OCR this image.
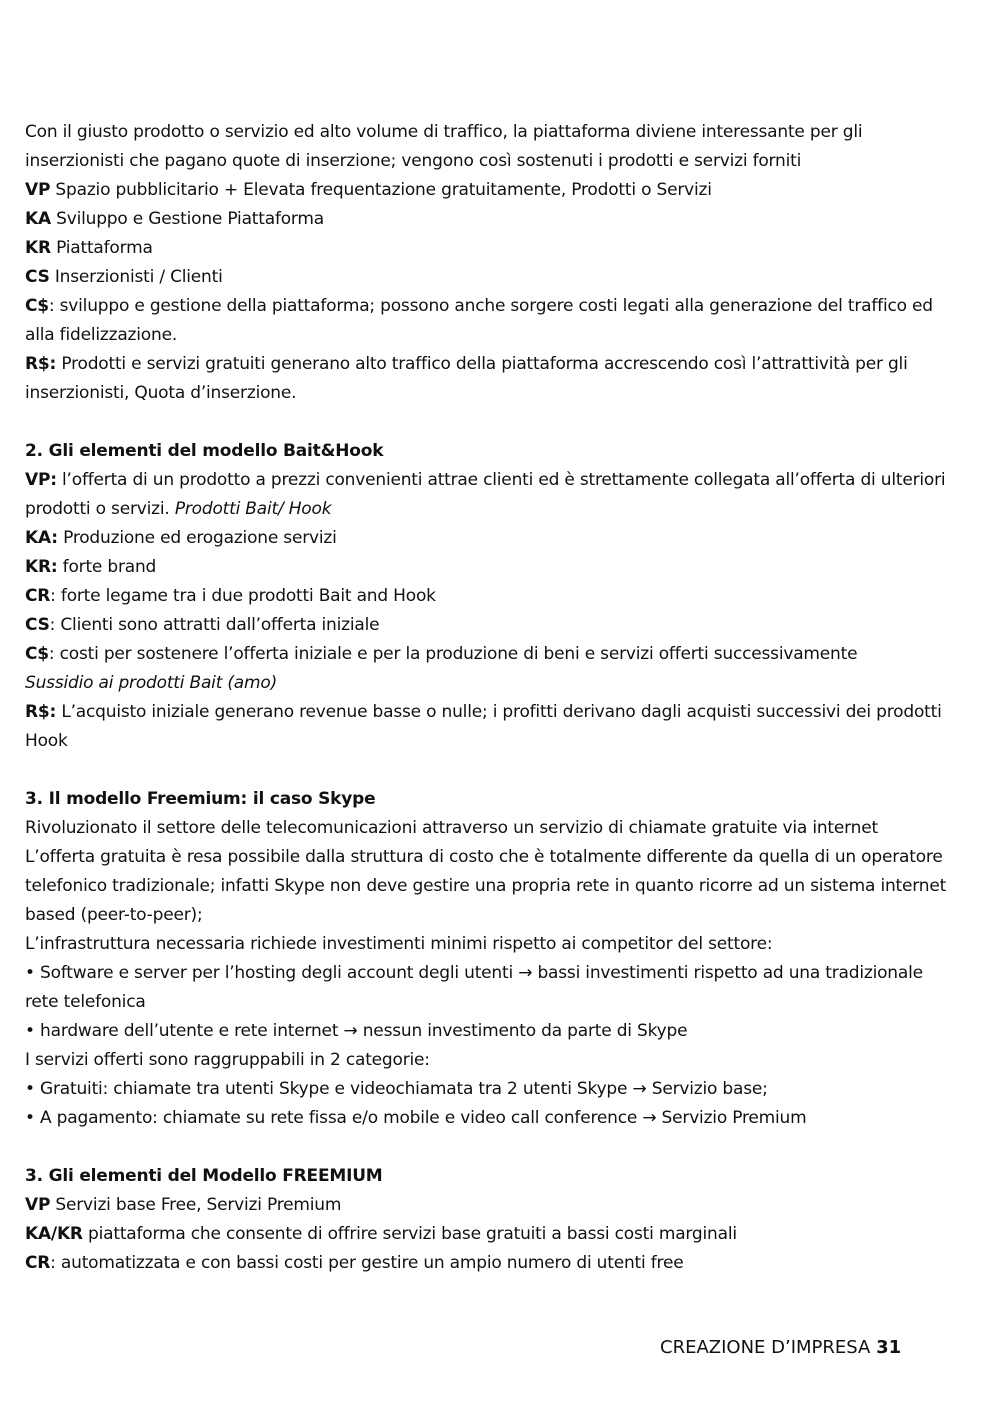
Con il giusto prodotto o servizio ed alto volume di traffico, la piattaforma diviene interessante per gli inserzionisti che pagano quote di inserzione; vengono così sostenuti i prodotti e servizi forniti
VP Spazio pubblicitario + Elevata frequentazione gratuitamente, Prodotti o Servizi
KA Sviluppo e Gestione Piattaforma
KR Piattaforma
CS Inserzionisti / Clienti
C$: sviluppo e gestione della piattaforma; possono anche sorgere costi legati alla generazione del traffico ed alla fidelizzazione.
R$: Prodotti e servizi gratuiti generano alto traffico della piattaforma accrescendo così l’attrattività per gli inserzionisti, Quota d’inserzione.
2. Gli elementi del modello Bait&Hook
VP: l’offerta di un prodotto a prezzi convenienti attrae clienti ed è strettamente collegata all’offerta di ulteriori prodotti o servizi. Prodotti Bait/ Hook
KA: Produzione ed erogazione servizi
KR: forte brand
CR: forte legame tra i due prodotti Bait and Hook
CS: Clienti sono attratti dall’offerta iniziale
C$: costi per sostenere l’offerta iniziale e per la produzione di beni e servizi offerti successivamente
Sussidio ai prodotti Bait (amo)
R$: L’acquisto iniziale generano revenue basse o nulle; i profitti derivano dagli acquisti successivi dei prodotti Hook
3. Il modello Freemium: il caso Skype
Rivoluzionato il settore delle telecomunicazioni attraverso un servizio di chiamate gratuite via internet
L’offerta gratuita è resa possibile dalla struttura di costo che è totalmente differente da quella di un operatore telefonico tradizionale; infatti Skype non deve gestire una propria rete in quanto ricorre ad un sistema internet based (peer-to-peer);
L’infrastruttura necessaria richiede investimenti minimi rispetto ai competitor del settore:
• Software e server per l’hosting degli account degli utenti → bassi investimenti rispetto ad una tradizionale rete telefonica
• hardware dell’utente e rete internet → nessun investimento da parte di Skype
I servizi offerti sono raggruppabili in 2 categorie:
• Gratuiti: chiamate tra utenti Skype e videochiamata tra 2 utenti Skype → Servizio base;
• A pagamento: chiamate su rete fissa e/o mobile e video call conference → Servizio Premium
3. Gli elementi del Modello FREEMIUM
VP Servizi base Free, Servizi Premium
KA/KR piattaforma che consente di offrire servizi base gratuiti a bassi costi marginali
CR: automatizzata e con bassi costi per gestire un ampio numero di utenti free
CREAZIONE D’IMPRESA 31
